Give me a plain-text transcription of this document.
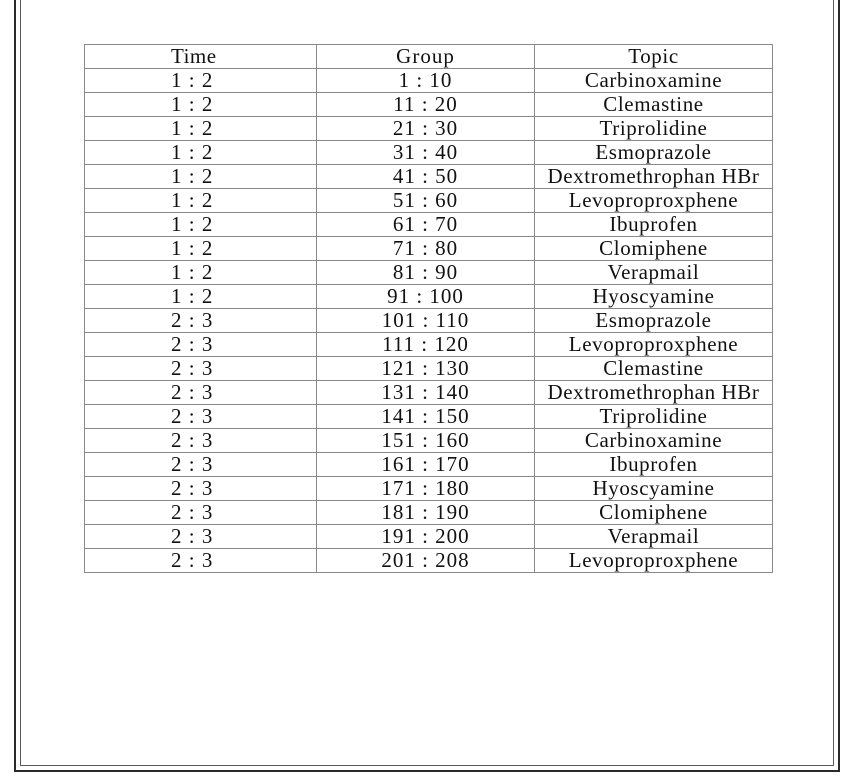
Time	Group	Topic
1 : 2	1 : 10	Carbinoxamine
1 : 2	11 : 20	Clemastine
1 : 2	21 : 30	Triprolidine
1 : 2	31 : 40	Esmoprazole
1 : 2	41 : 50	Dextromethrophan HBr
1 : 2	51 : 60	Levoproproxphene
1 : 2	61 : 70	Ibuprofen
1 : 2	71 : 80	Clomiphene
1 : 2	81 : 90	Verapmail
1 : 2	91 : 100	Hyoscyamine
2 : 3	101 : 110	Esmoprazole
2 : 3	111 : 120	Levoproproxphene
2 : 3	121 : 130	Clemastine
2 : 3	131 : 140	Dextromethrophan HBr
2 : 3	141 : 150	Triprolidine
2 : 3	151 : 160	Carbinoxamine
2 : 3	161 : 170	Ibuprofen
2 : 3	171 : 180	Hyoscyamine
2 : 3	181 : 190	Clomiphene
2 : 3	191 : 200	Verapmail
2 : 3	201 : 208	Levoproproxphene
